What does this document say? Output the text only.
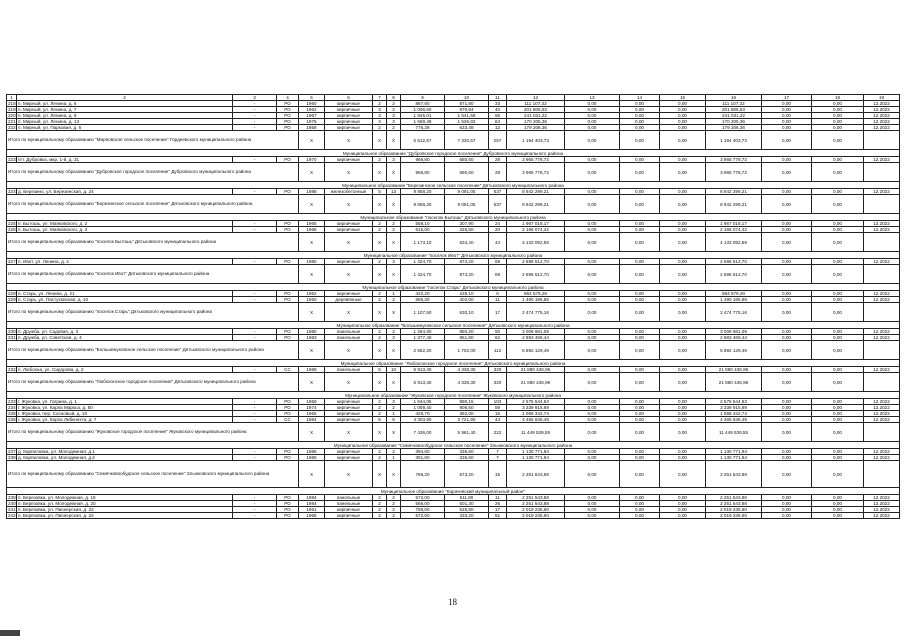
1	2	3	4	5	6	7	8	9	10	11	12	13	14	15	16	17	18	19
218	п. Мирный, ул. Ленина, д. 6	-	РО	1960	кирпичные	2	2	887,80	871,80	33	111 107,32	0,00	0,00	0,00	111 107,32	0,00	0,00	12.2022
219	п. Мирный, ул. Ленина, д. 7	-	РО	1962	кирпичные	3	2	1 006,60	970,84	40	201 806,63	0,00	0,00	0,00	201 806,63	0,00	0,00	12.2022
220	п. Мирный, ул. Ленина, д. 9	-	РО	1967	кирпичные	3	3	1 825,01	1 541,58	66	241 031,22	0,00	0,00	0,00	241 031,22	0,00	0,00	12.2022
221	п. Мирный, ул. Ленина, д. 13	-	РО	1976	кирпичные	3	3	1 669,49	1 536,83	64	170 205,36	0,00	0,00	0,00	170 205,36	0,00	0,00	12.2022
222	п. Мирный, ул. Парковая, д. 6	-	РО	1958	кирпичные	2	2	776,28	633,48	12	179 206,36	0,00	0,00	0,00	179 206,36	0,00	0,00	12.2022
Итого по муниципальному образованию "Мирновское сельское поселение" Гордеевского муниципального района				X	X	X	X	6 512,57	7 330,57	257	1 194 403,73	0,00	0,00	0,00	1 194 403,73	0,00	0,00	
Муниципальное образование "Дубровское городское поселение" Дубровского муниципального района																		
223	пгт. Дубровка, мкр. 1-й, д. 31	-	РО	1970	кирпичные	2	3	966,80	680,60	28	3 965 778,72	0,00	0,00	0,00	3 965 778,72	0,00	0,00	12.2022
Итого по муниципальному образованию "Дубровское городское поселение" Дубровского муниципального района				X	X	X	X	966,80	680,60	28	3 965 778,72	0,00	0,00	0,00	3 965 778,72	0,00	0,00	
Муниципальное образование "Березинское сельское поселение" Дятьковского муниципального района																		
224	д. Березино, ул. Березинская, д. 24	-	РО	1988	железобетонные	5	13	9 858,20	9 091,05	637	8 942 299,21	0,00	0,00	0,00	8 942 299,21	0,00	0,00	12.2022
Итого по муниципальному образованию "Березинское сельское поселение" Дятьковского муниципального района				X	X	X	X	9 858,20	9 091,05	637	8 942 299,21	0,00	0,00	0,00	8 942 299,21	0,00	0,00	
Муниципальное образование "поселок Бытошь" Дятьковского муниципального района																		
225	п. Бытошь, ул. Маяковского, д. 2	-	РО	1965	кирпичные	2	2	558,10	307,90	24	1 967 018,17	0,00	0,00	0,00	1 967 018,17	0,00	0,00	12.2022
226	п. Бытошь, ул. Маяковского, д. 3	-	РО	1968	кирпичные	2	2	615,00	326,50	20	2 166 074,42	0,00	0,00	0,00	2 166 074,42	0,00	0,00	12.2022
Итого по муниципальному образованию "поселок Бытошь" Дятьковского муниципального района				X	X	X	X	1 173,10	634,40	44	4 133 092,59	0,00	0,00	0,00	4 133 092,59	0,00	0,00	
Муниципальное образование "поселок Ивот" Дятьковского муниципального района																		
227	п. Ивот, ул. Ленина, д. 4	-	РО	1980	кирпичные	2	3	1 424,70	874,20	59	2 696 512,70	0,00	0,00	0,00	2 696 512,70	0,00	0,00	12.2022
Итого по муниципальному образованию "поселок Ивот" Дятьковского муниципального района				X	X	X	X	1 424,70	874,20	59	2 696 512,70	0,00	0,00	0,00	2 696 512,70	0,00	0,00	
Муниципальное образование "поселок Старь" Дятьковского муниципального района																		
228	п. Старь, ул. Ленина, д. 21	-	РО	1952	кирпичные	2	1	422,20	228,10	6	984 579,28	0,00	0,00	0,00	984 579,28	0,00	0,00	12.2022
229	п. Старь, ул. Пастуховская, д. 10	-	РО	1950	деревянные	2	2	685,30	402,00	11	1 490 195,88	0,00	0,00	0,00	1 490 195,88	0,00	0,00	12.2022
Итого по муниципальному образованию "поселок Старь" Дятьковского муниципального района				X	X	X	X	1 107,50	630,10	17	2 474 775,16	0,00	0,00	0,00	2 474 775,16	0,00	0,00	
Муниципальное образование "Большежуковское сельское поселение" Дятьковского муниципального района																		
230	п. Дружба, ул. Садовая, д. 3	-	РО	1980	панельные	2	2	1 284,80	850,20	50	3 008 681,09	0,00	0,00	0,00	3 008 681,09	0,00	0,00	12.2022
231	п. Дружба, ул. Советская, д. 4	-	РО	1983	панельные	2	3	1 377,40	851,80	62	2 883 468,44	0,00	0,00	0,00	2 883 468,44	0,00	0,00	12.2022
Итого по муниципальному образованию "Большежуковское сельское поселение" Дятьковского муниципального района				X	X	X	X	2 662,20	1 702,00	112	5 892 129,49	0,00	0,00	0,00	5 892 129,49	0,00	0,00	
Муниципальное образование "Любохонское городское поселение" Дятьковского муниципального района																		
232	п. Любохна, ул. Сидорова, д. 2	-	СС	1988	панельные	5	10	6 913,40	4 338,30	320	21 880 436,96	0,00	0,00	0,00	21 880 436,96	0,00	0,00	12.2022
Итого по муниципальному образованию "Любохонское городское поселение" Дятьковского муниципального района				X	X	X	X	6 913,40	4 338,30	320	21 880 436,96	0,00	0,00	0,00	21 880 436,96	0,00	0,00	
Муниципальное образование "Жуковское городское поселение" Жуковского муниципального района																		
233	г. Жуковка, ул. Гагрина, д. 1	-	РО	1969	кирпичные	2	3	1 644,05	990,15	103	2 575 544,63	0,00	0,00	0,00	2 575 544,63	0,00	0,00	12.2022
234	г. Жуковка, ул. Карла Маркса, д. 80	-	РО	1974	кирпичные	2	2	1 059,40	906,50	59	3 339 915,69	0,00	0,00	0,00	3 339 915,69	0,00	0,00	12.2022
235	г. Жуковка, пер. Сосновый, д. 10	-	РО	1965	кирпичные	2	1	426,70	382,00	16	1 068 342,74	0,00	0,00	0,00	1 068 342,74	0,00	0,00	12.2022
236	г. Жуковка, ул. Карла Либкнехта, д. 7	-	СС	1984	кирпичные	5	6	4 303,90	3 721,90	44	4 465 636,49	0,00	0,00	0,00	4 465 636,49	0,00	0,00	12.2022
Итого по муниципальному образованию "Жуковское городское поселение" Жуковского муниципального района				X	X	X	X	7 436,00	5 961,40	222	11 449 539,55	0,00	0,00	0,00	11 449 539,55	0,00	0,00	
Муниципальное образование "Семячковообудское сельское поселение" Злынковского муниципального района																		
237	д. Карпиловка, ул. Молодежная, д.1	-	РО	1986	кирпичные	2	2	394,60	336,60	7	1 130 771,94	0,00	0,00	0,00	1 130 771,94	0,00	0,00	12.2022
238	д. Карпиловка, ул. Молодежная, д.2	-	РО	1986	кирпичные	2	1	391,60	336,60	7	1 130 771,94	0,00	0,00	0,00	1 130 771,94	0,00	0,00	12.2022
Итого по муниципальному образованию "Семячковообудское сельское поселение" Злынковского муниципального района				X	X	X	X	786,20	673,20	15	2 261 543,88	0,00	0,00	0,00	2 261 543,88	0,00	0,00	
Муниципальное образование "Карачевский муниципальный район"																		
239	п. Березовка, ул. Молодежная, д. 18	-	РО	1984	панельные	2	2	572,00	511,80	11	2 251 543,88	0,00	0,00	0,00	2 251 543,88	0,00	0,00	12.2022
240	п. Березовка, ул. Молодежная, д. 20	-	РО	1984	панельные	2	2	566,00	501,30	26	2 251 543,88	0,00	0,00	0,00	2 251 543,88	0,00	0,00	12.2022
241	п. Березовка, ул. Пионерская, д. 22	-	РО	1961	кирпичные	2	2	788,00	525,80	17	2 019 235,60	0,00	0,00	0,00	2 019 235,60	0,00	0,00	12.2022
242	п. Березовка, ул. Пионерская, д. 22	-	РО	1966	кирпичные	2	2	572,00	333,20	51	2 019 235,60	0,00	0,00	0,00	2 019 235,60	0,00	0,00	12.2022
18
